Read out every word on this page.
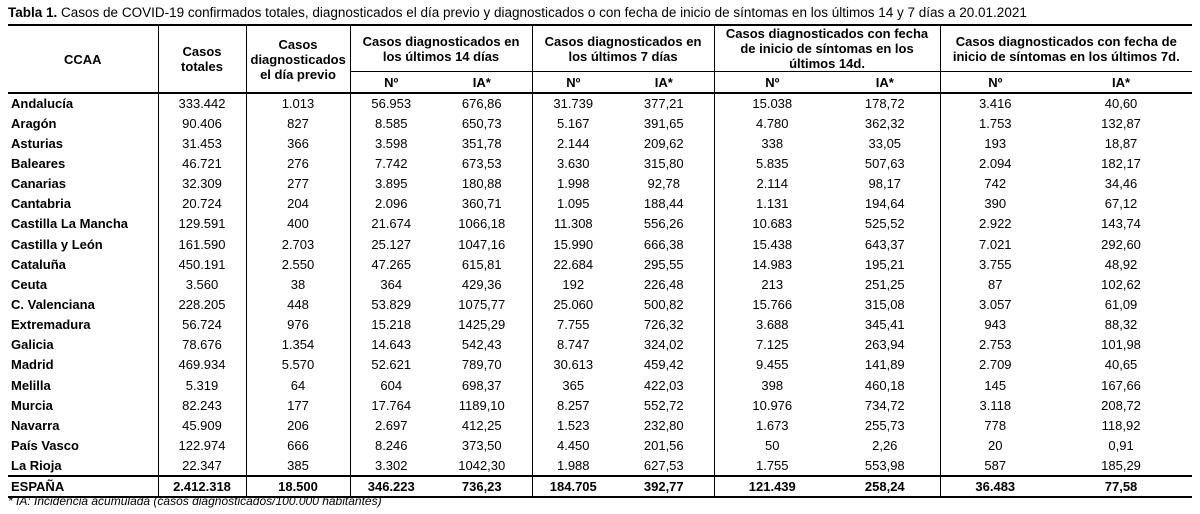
Tabla 1. Casos de COVID-19 confirmados totales, diagnosticados el día previo y diagnosticados o con fecha de inicio de síntomas en los últimos 14 y 7 días a 20.01.2021
CCAA	Casos totales	Casos diagnosticados el día previo	Casos diagnosticados en los últimos 14 días		Casos diagnosticados en los últimos 7 días		Casos diagnosticados con fecha de inicio de síntomas en los últimos 14d.		Casos diagnosticados con fecha de inicio de síntomas en los últimos 7d.	
			Nº	IA*	Nº	IA*	Nº	IA*	Nº	IA*
Andalucía	333.442	1.013	56.953	676,86	31.739	377,21	15.038	178,72	3.416	40,60
Aragón	90.406	827	8.585	650,73	5.167	391,65	4.780	362,32	1.753	132,87
Asturias	31.453	366	3.598	351,78	2.144	209,62	338	33,05	193	18,87
Baleares	46.721	276	7.742	673,53	3.630	315,80	5.835	507,63	2.094	182,17
Canarias	32.309	277	3.895	180,88	1.998	92,78	2.114	98,17	742	34,46
Cantabria	20.724	204	2.096	360,71	1.095	188,44	1.131	194,64	390	67,12
Castilla La Mancha	129.591	400	21.674	1066,18	11.308	556,26	10.683	525,52	2.922	143,74
Castilla y León	161.590	2.703	25.127	1047,16	15.990	666,38	15.438	643,37	7.021	292,60
Cataluña	450.191	2.550	47.265	615,81	22.684	295,55	14.983	195,21	3.755	48,92
Ceuta	3.560	38	364	429,36	192	226,48	213	251,25	87	102,62
C. Valenciana	228.205	448	53.829	1075,77	25.060	500,82	15.766	315,08	3.057	61,09
Extremadura	56.724	976	15.218	1425,29	7.755	726,32	3.688	345,41	943	88,32
Galicia	78.676	1.354	14.643	542,43	8.747	324,02	7.125	263,94	2.753	101,98
Madrid	469.934	5.570	52.621	789,70	30.613	459,42	9.455	141,89	2.709	40,65
Melilla	5.319	64	604	698,37	365	422,03	398	460,18	145	167,66
Murcia	82.243	177	17.764	1189,10	8.257	552,72	10.976	734,72	3.118	208,72
Navarra	45.909	206	2.697	412,25	1.523	232,80	1.673	255,73	778	118,92
País Vasco	122.974	666	8.246	373,50	4.450	201,56	50	2,26	20	0,91
La Rioja	22.347	385	3.302	1042,30	1.988	627,53	1.755	553,98	587	185,29
ESPAÑA	2.412.318	18.500	346.223	736,23	184.705	392,77	121.439	258,24	36.483	77,58
* IA: Incidencia acumulada (casos diagnosticados/100.000 habitantes)
